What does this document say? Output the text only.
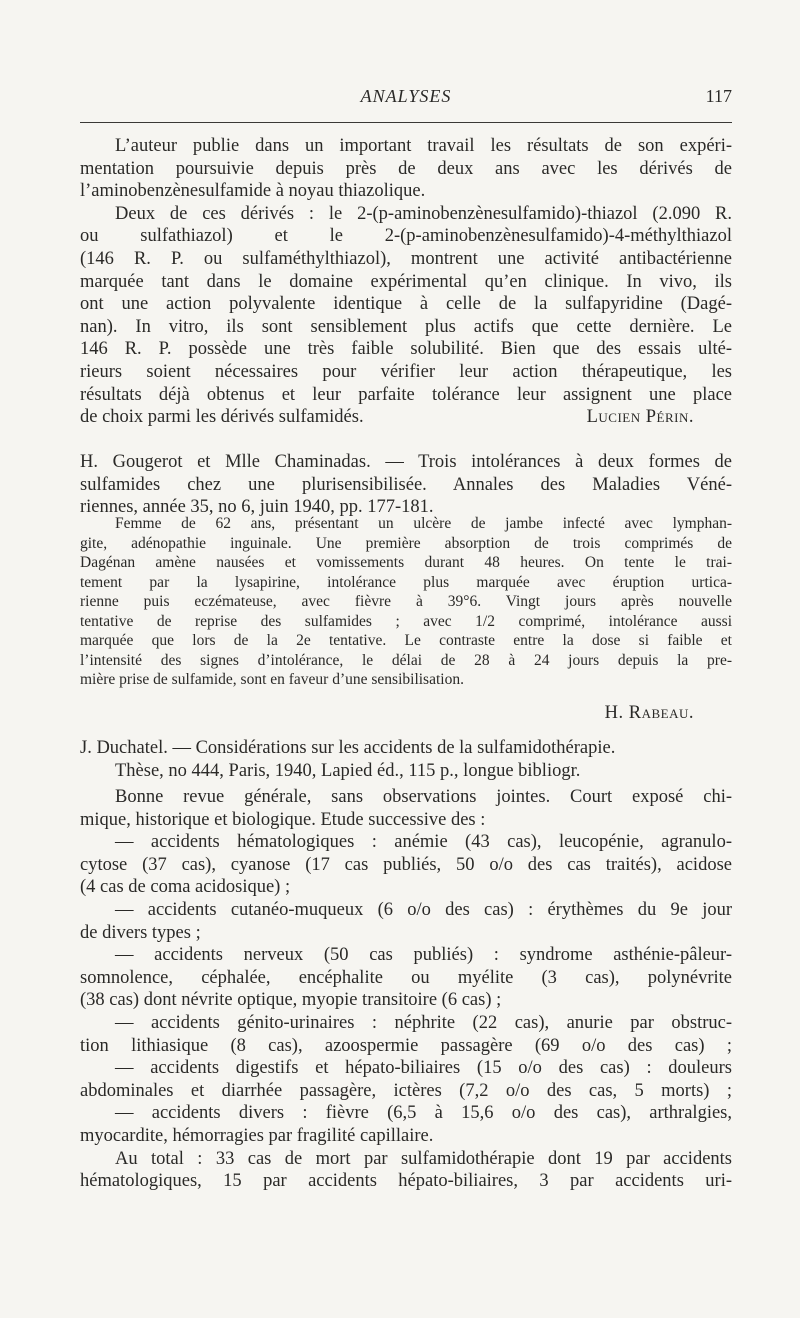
ANALYSES	117

L’auteur publie dans un important travail les résultats de son expéri-

mentation poursuivie depuis près de deux ans avec les dérivés de

l’aminobenzènesulfamide à noyau thiazolique.

Deux de ces dérivés : le 2-(p-aminobenzènesulfamido)-thiazol (2.090 R.

ou sulfathiazol) et le 2-(p-aminobenzènesulfamido)-4-méthylthiazol

(146 R. P. ou sulfaméthylthiazol), montrent une activité antibactérienne

marquée tant dans le domaine expérimental qu’en clinique. In vivo, ils

ont une action polyvalente identique à celle de la sulfapyridine (Dagé-

nan). In vitro, ils sont sensiblement plus actifs que cette dernière. Le

146 R. P. possède une très faible solubilité. Bien que des essais ulté-

rieurs soient nécessaires pour vérifier leur action thérapeutique, les

résultats déjà obtenus et leur parfaite tolérance leur assignent une place

de choix parmi les dérivés sulfamidés.	Lucien Périn.

H. Gougerot et Mlle Chaminadas. — Trois intolérances à deux formes de

sulfamides chez une plurisensibilisée. Annales des Maladies Véné-

riennes, année 35, no 6, juin 1940, pp. 177-181.

Femme de 62 ans, présentant un ulcère de jambe infecté avec lymphan-

gite, adénopathie inguinale. Une première absorption de trois comprimés de

Dagénan amène nausées et vomissements durant 48 heures. On tente le trai-

tement par la lysapirine, intolérance plus marquée avec éruption urtica-

rienne puis eczémateuse, avec fièvre à 39°6. Vingt jours après nouvelle

tentative de reprise des sulfamides ; avec 1/2 comprimé, intolérance aussi

marquée que lors de la 2e tentative. Le contraste entre la dose si faible et

l’intensité des signes d’intolérance, le délai de 28 à 24 jours depuis la pre-

mière prise de sulfamide, sont en faveur d’une sensibilisation.

H. Rabeau.

J. Duchatel. — Considérations sur les accidents de la sulfamidothérapie.

Thèse, no 444, Paris, 1940, Lapied éd., 115 p., longue bibliogr.

Bonne revue générale, sans observations jointes. Court exposé chi-

mique, historique et biologique. Etude successive des :

— accidents hématologiques : anémie (43 cas), leucopénie, agranulo-

cytose (37 cas), cyanose (17 cas publiés, 50 o/o des cas traités), acidose

(4 cas de coma acidosique) ;

— accidents cutanéo-muqueux (6 o/o des cas) : érythèmes du 9e jour

de divers types ;

— accidents nerveux (50 cas publiés) : syndrome asthénie-pâleur-

somnolence, céphalée, encéphalite ou myélite (3 cas), polynévrite

(38 cas) dont névrite optique, myopie transitoire (6 cas) ;

— accidents génito-urinaires : néphrite (22 cas), anurie par obstruc-

tion lithiasique (8 cas), azoospermie passagère (69 o/o des cas) ;

— accidents digestifs et hépato-biliaires (15 o/o des cas) : douleurs

abdominales et diarrhée passagère, ictères (7,2 o/o des cas, 5 morts) ;

— accidents divers : fièvre (6,5 à 15,6 o/o des cas), arthralgies,

myocardite, hémorragies par fragilité capillaire.

Au total : 33 cas de mort par sulfamidothérapie dont 19 par accidents

hématologiques, 15 par accidents hépato-biliaires, 3 par accidents uri-
